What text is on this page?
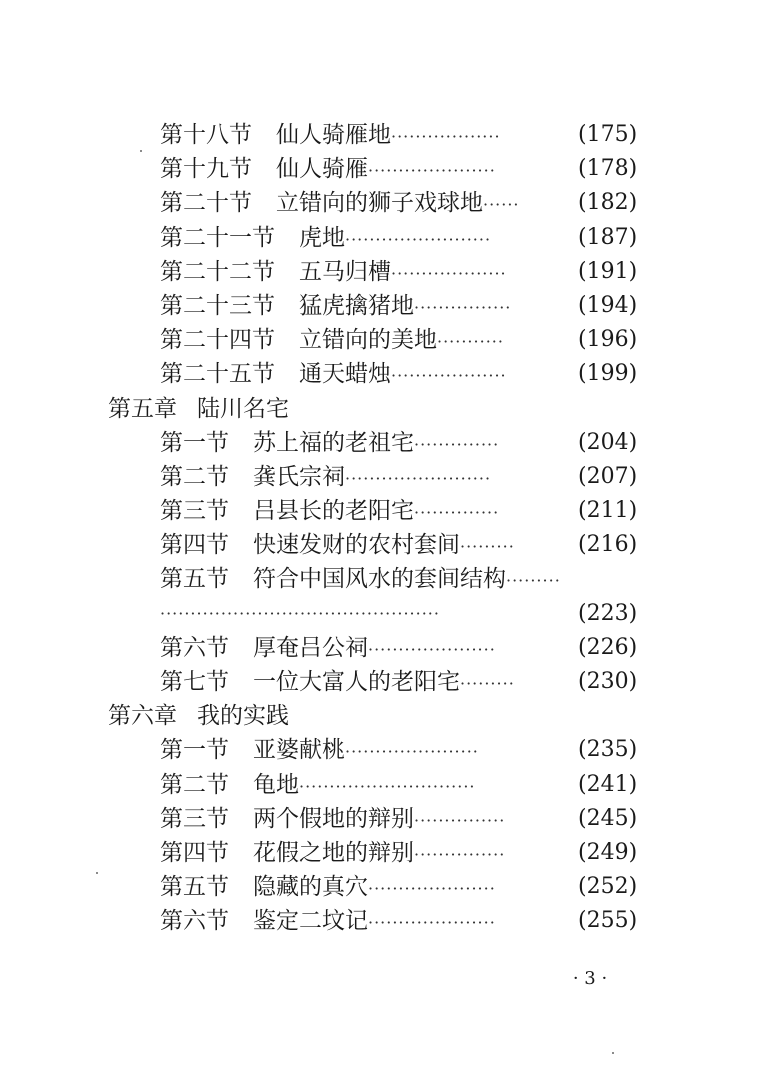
第十八节 仙人骑雁地··················	(175)
第十九节 仙人骑雁·····················	(178)
第二十节 立错向的狮子戏球地······	(182)
第二十一节 虎地························	(187)
第二十二节 五马归槽···················	(191)
第二十三节 猛虎擒猪地················	(194)
第二十四节 立错向的美地···········	(196)
第二十五节 通天蜡烛···················	(199)
第五章 陆川名宅
第一节 苏上福的老祖宅··············	(204)
第二节 龚氏宗祠························	(207)
第三节 吕县长的老阳宅··············	(211)
第四节 快速发财的农村套间·········	(216)
第五节 符合中国风水的套间结构·········
··············································	(223)
第六节 厚奄吕公祠·····················	(226)
第七节 一位大富人的老阳宅·········	(230)
第六章 我的实践
第一节 亚婆献桃······················	(235)
第二节 龟地·····························	(241)
第三节 两个假地的辩别···············	(245)
第四节 花假之地的辩别···············	(249)
第五节 隐藏的真穴·····················	(252)
第六节 鉴定二坟记·····················	(255)
· 3 ·
